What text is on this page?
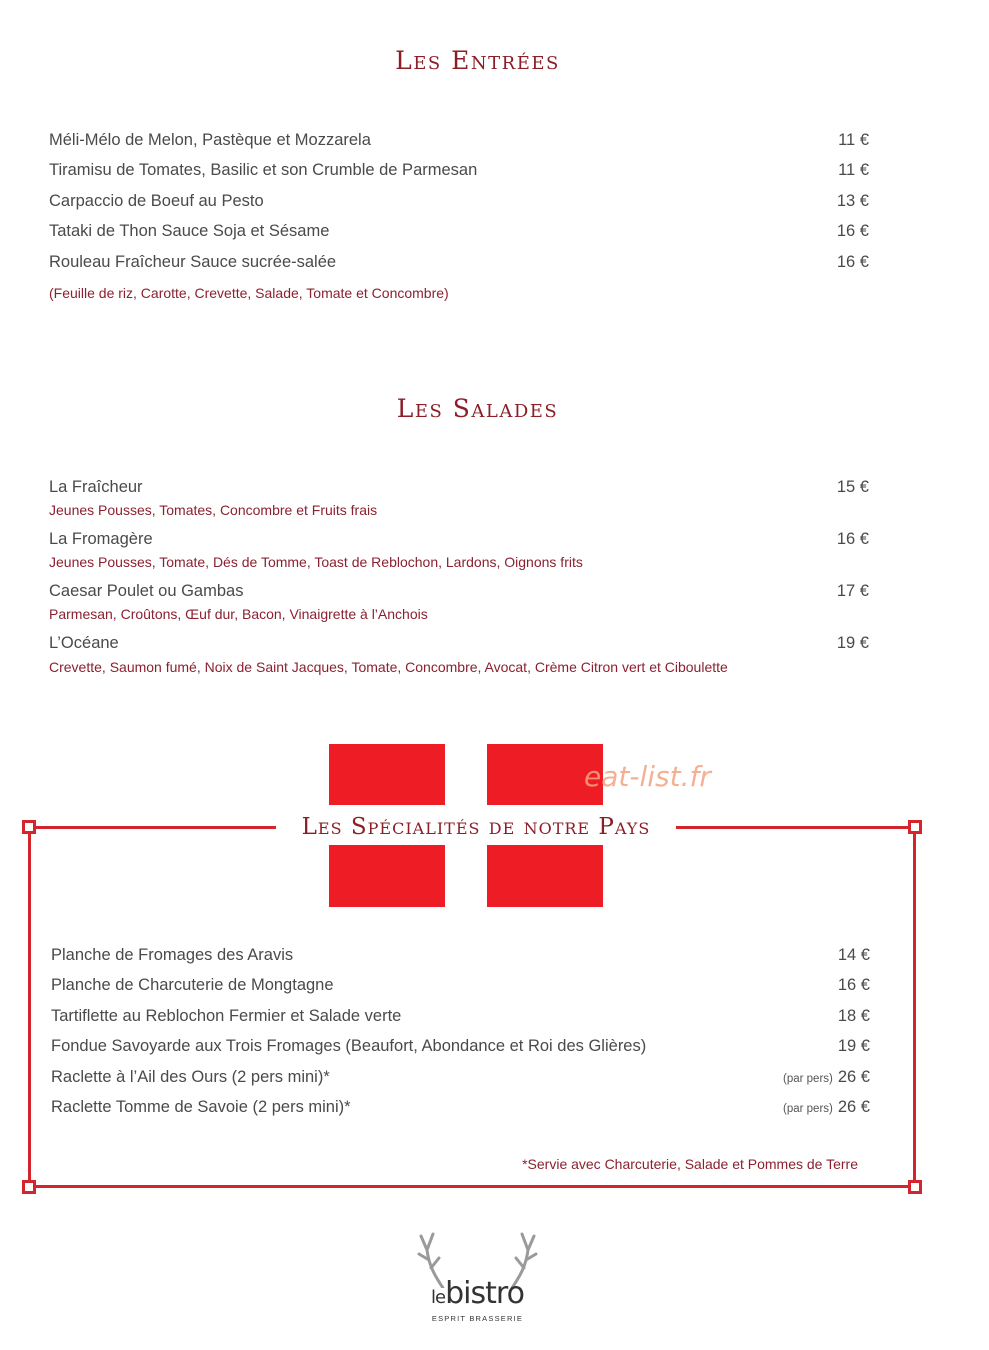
Les Entrées
Méli-Mélo de Melon, Pastèque et Mozzarela	11 €
Tiramisu de Tomates, Basilic et son Crumble de Parmesan	11 €
Carpaccio de Boeuf au Pesto	13 €
Tataki de Thon Sauce Soja et Sésame	16 €
Rouleau Fraîcheur Sauce sucrée-salée	16 €
(Feuille de riz, Carotte, Crevette, Salade, Tomate et Concombre)
Les Salades
La Fraîcheur	15 €
Jeunes Pousses, Tomates, Concombre et Fruits frais
La Fromagère	16 €
Jeunes Pousses, Tomate, Dés de Tomme, Toast de Reblochon, Lardons, Oignons frits
Caesar Poulet ou Gambas	17 €
Parmesan, Croûtons, Œuf dur, Bacon, Vinaigrette à l’Anchois
L’Océane	19 €
Crevette, Saumon fumé, Noix de Saint Jacques, Tomate, Concombre, Avocat, Crème Citron vert et Ciboulette
Les Spécialités de notre Pays
eat-list.fr
Planche de Fromages des Aravis	14 €
Planche de Charcuterie de Mongtagne	16 €
Tartiflette au Reblochon Fermier et Salade verte	18 €
Fondue Savoyarde aux Trois Fromages (Beaufort, Abondance et Roi des Glières)	19 €
Raclette à l’Ail des Ours (2 pers mini)*	(par pers) 26 €
Raclette Tomme de Savoie (2 pers mini)*	(par pers) 26 €
*Servie avec Charcuterie, Salade et Pommes de Terre
lebistro
ESPRIT BRASSERIE
